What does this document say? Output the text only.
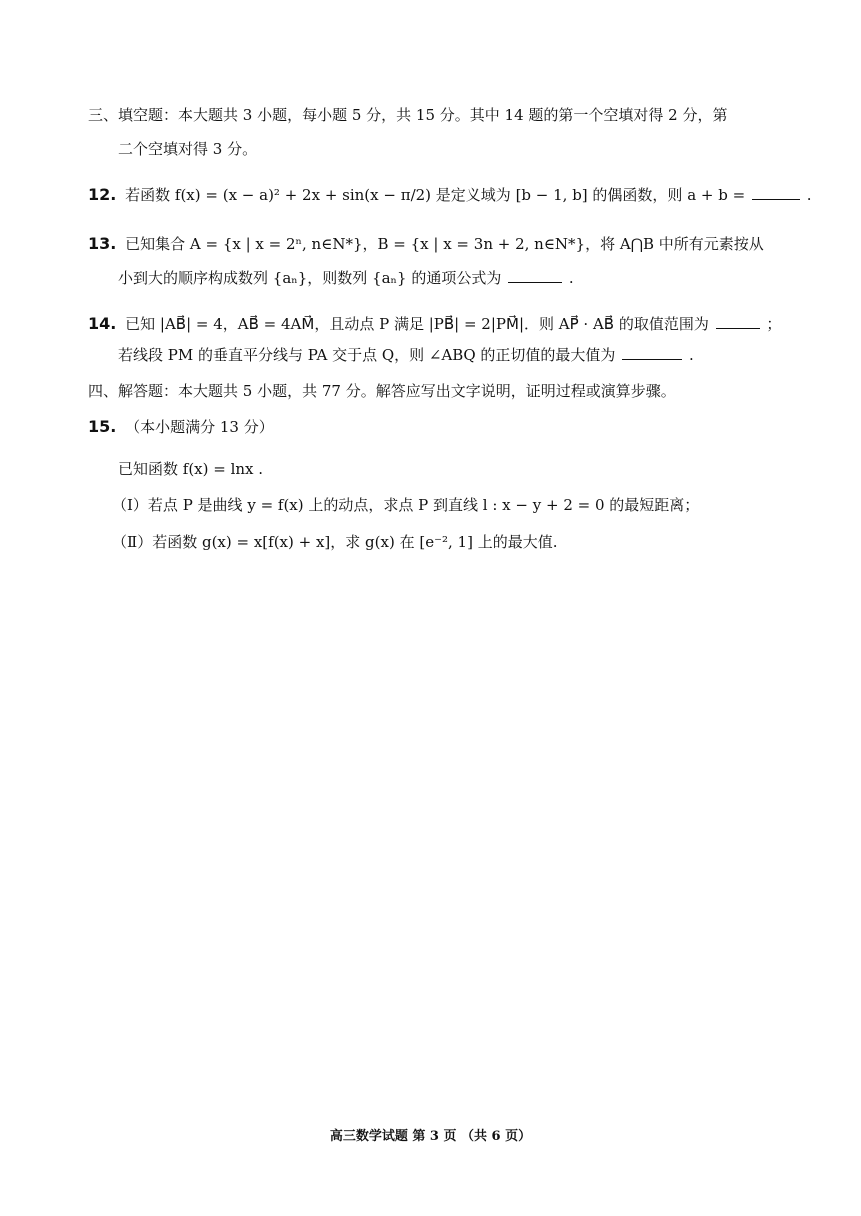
三、填空题：本大题共 3 小题，每小题 5 分，共 15 分。其中 14 题的第一个空填对得 2 分，第
二个空填对得 3 分。
12. 若函数 f(x) = (x − a)² + 2x + sin(x − π/2) 是定义域为 [b − 1, b] 的偶函数，则 a + b =	.
13. 已知集合 A = {x | x = 2ⁿ, n∈N*}，B = {x | x = 3n + 2, n∈N*}，将 A⋂B 中所有元素按从
小到大的顺序构成数列 {aₙ}，则数列 {aₙ} 的通项公式为	.
14. 已知 |AB⃗| = 4，AB⃗ = 4AM⃗，且动点 P 满足 |PB⃗| = 2|PM⃗|．则 AP⃗ · AB⃗ 的取值范围为	；
若线段 PM 的垂直平分线与 PA 交于点 Q，则 ∠ABQ 的正切值的最大值为	.
四、解答题：本大题共 5 小题，共 77 分。解答应写出文字说明，证明过程或演算步骤。
15. （本小题满分 13 分）
已知函数 f(x) = lnx .
（Ⅰ）若点 P 是曲线 y = f(x) 上的动点，求点 P 到直线 l : x − y + 2 = 0 的最短距离；
（Ⅱ）若函数 g(x) = x[f(x) + x]，求 g(x) 在 [e⁻², 1] 上的最大值.
高三数学试题 第 3 页 （共 6 页）
